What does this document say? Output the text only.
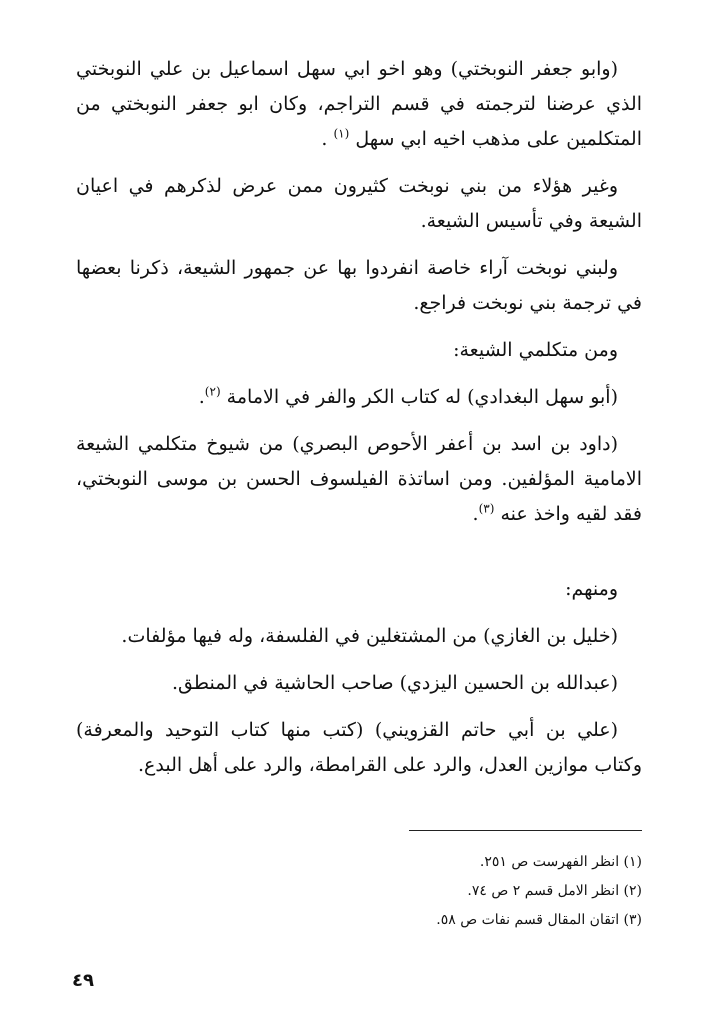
(وابو جعفر النوبختي) وهو اخو ابي سهل اسماعيل بن علي النوبختي الذي عرضنا لترجمته في قسم التراجم، وكان ابو جعفر النوبختي من المتكلمين على مذهب اخيه ابي سهل $^{(١)}$ .

وغير هؤلاء من بني نوبخت كثيرون ممن عرض لذكرهم في اعيان الشيعة وفي تأسيس الشيعة.

ولبني نوبخت آراء خاصة انفردوا بها عن جمهور الشيعة، ذكرنا بعضها في ترجمة بني نوبخت فراجع.

ومن متكلمي الشيعة:

(أبو سهل البغدادي) له كتاب الكر والفر في الامامة $^{(٢)}$.

(داود بن اسد بن أعفر الأحوص البصري) من شيوخ متكلمي الشيعة الامامية المؤلفين. ومن اساتذة الفيلسوف الحسن بن موسى النوبختي، فقد لقيه واخذ عنه $^{(٣)}$.

ومنهم:

(خليل بن الغازي) من المشتغلين في الفلسفة، وله فيها مؤلفات.

(عبدالله بن الحسين اليزدي) صاحب الحاشية في المنطق.

(علي بن أبي حاتم القزويني) (كتب منها كتاب التوحيد والمعرفة) وكتاب موازين العدل، والرد على القرامطة، والرد على أهل البدع.

(١) انظر الفهرست ص ٢٥١.
(٢) انظر الامل قسم ٢ ص ٧٤.
(٣) اتقان المقال قسم نفات ص ٥٨.
٤٩
